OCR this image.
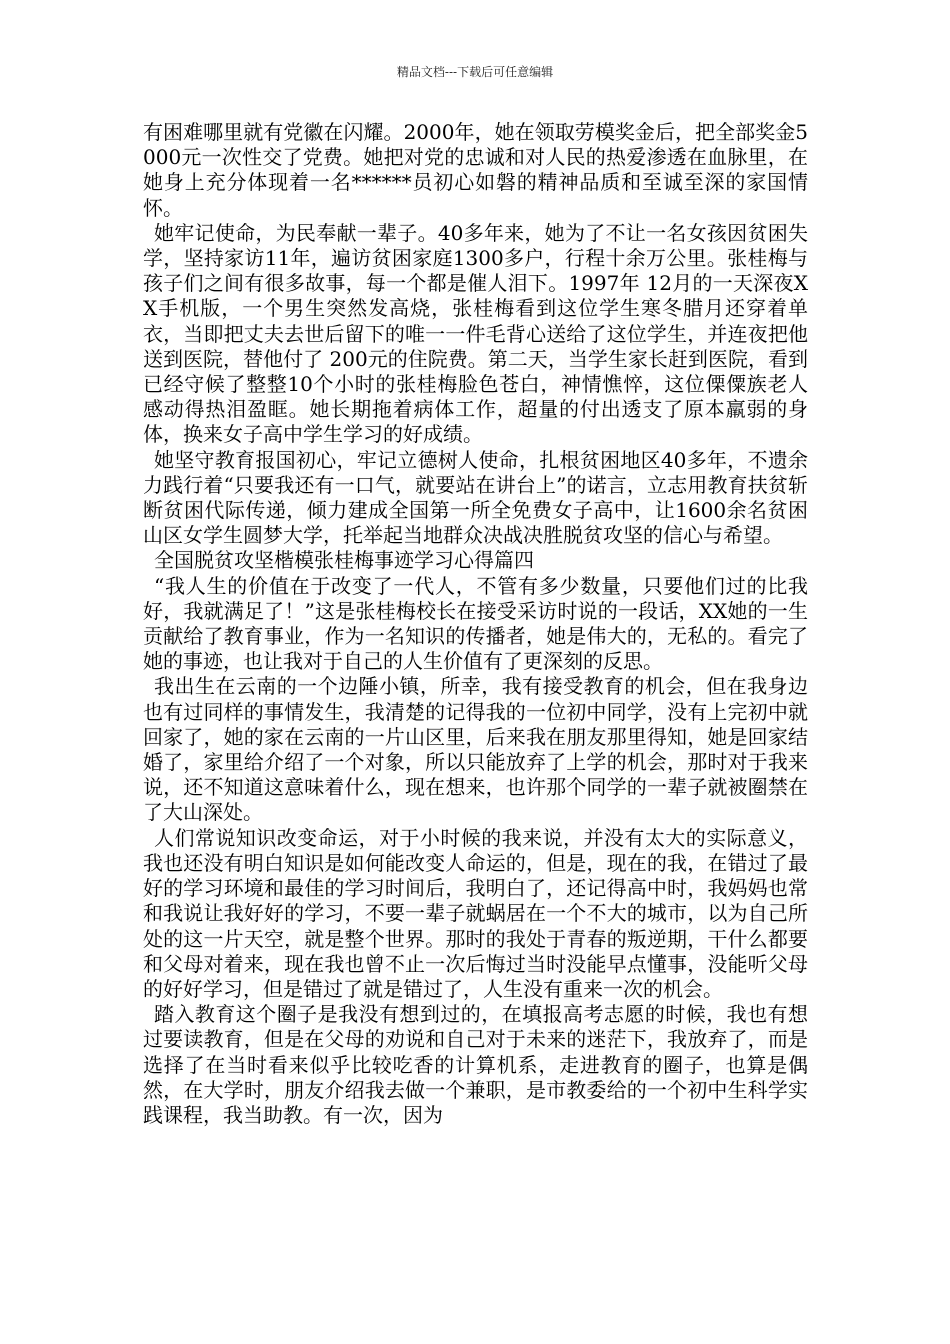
精品文档---下载后可任意编辑

有困难哪里就有党徽在闪耀。2000年，她在领取劳模奖金后，把全部奖金5000元一次性交了党费。她把对党的忠诚和对人民的热爱渗透在血脉里，在她身上充分体现着一名******员初心如磐的精神品质和至诚至深的家国情怀。

她牢记使命，为民奉献一辈子。40多年来，她为了不让一名女孩因贫困失学，坚持家访11年，遍访贫困家庭1300多户，行程十余万公里。张桂梅与孩子们之间有很多故事，每一个都是催人泪下。1997年 12月的一天深夜XX手机版，一个男生突然发高烧，张桂梅看到这位学生寒冬腊月还穿着单衣，当即把丈夫去世后留下的唯一一件毛背心送给了这位学生，并连夜把他送到医院，替他付了 200元的住院费。第二天，当学生家长赶到医院，看到已经守候了整整10个小时的张桂梅脸色苍白，神情憔悴，这位傈僳族老人感动得热泪盈眶。她长期拖着病体工作，超量的付出透支了原本羸弱的身体，换来女子高中学生学习的好成绩。

她坚守教育报国初心，牢记立德树人使命，扎根贫困地区40多年，不遗余力践行着“只要我还有一口气，就要站在讲台上”的诺言，立志用教育扶贫斩断贫困代际传递，倾力建成全国第一所全免费女子高中，让1600余名贫困山区女学生圆梦大学，托举起当地群众决战决胜脱贫攻坚的信心与希望。

全国脱贫攻坚楷模张桂梅事迹学习心得篇四

“我人生的价值在于改变了一代人，不管有多少数量，只要他们过的比我好，我就满足了！”这是张桂梅校长在接受采访时说的一段话，XX她的一生贡献给了教育事业，作为一名知识的传播者，她是伟大的，无私的。看完了她的事迹，也让我对于自己的人生价值有了更深刻的反思。

我出生在云南的一个边陲小镇，所幸，我有接受教育的机会，但在我身边也有过同样的事情发生，我清楚的记得我的一位初中同学，没有上完初中就回家了，她的家在云南的一片山区里，后来我在朋友那里得知，她是回家结婚了，家里给介绍了一个对象，所以只能放弃了上学的机会，那时对于我来说，还不知道这意味着什么，现在想来，也许那个同学的一辈子就被圈禁在了大山深处。

人们常说知识改变命运，对于小时候的我来说，并没有太大的实际意义，我也还没有明白知识是如何能改变人命运的，但是，现在的我，在错过了最好的学习环境和最佳的学习时间后，我明白了，还记得高中时，我妈妈也常和我说让我好好的学习，不要一辈子就蜗居在一个不大的城市，以为自己所处的这一片天空，就是整个世界。那时的我处于青春的叛逆期，干什么都要和父母对着来，现在我也曾不止一次后悔过当时没能早点懂事，没能听父母的好好学习，但是错过了就是错过了，人生没有重来一次的机会。

踏入教育这个圈子是我没有想到过的，在填报高考志愿的时候，我也有想过要读教育，但是在父母的劝说和自己对于未来的迷茫下，我放弃了，而是选择了在当时看来似乎比较吃香的计算机系，走进教育的圈子，也算是偶然，在大学时，朋友介绍我去做一个兼职，是市教委给的一个初中生科学实践课程，我当助教。有一次，因为
